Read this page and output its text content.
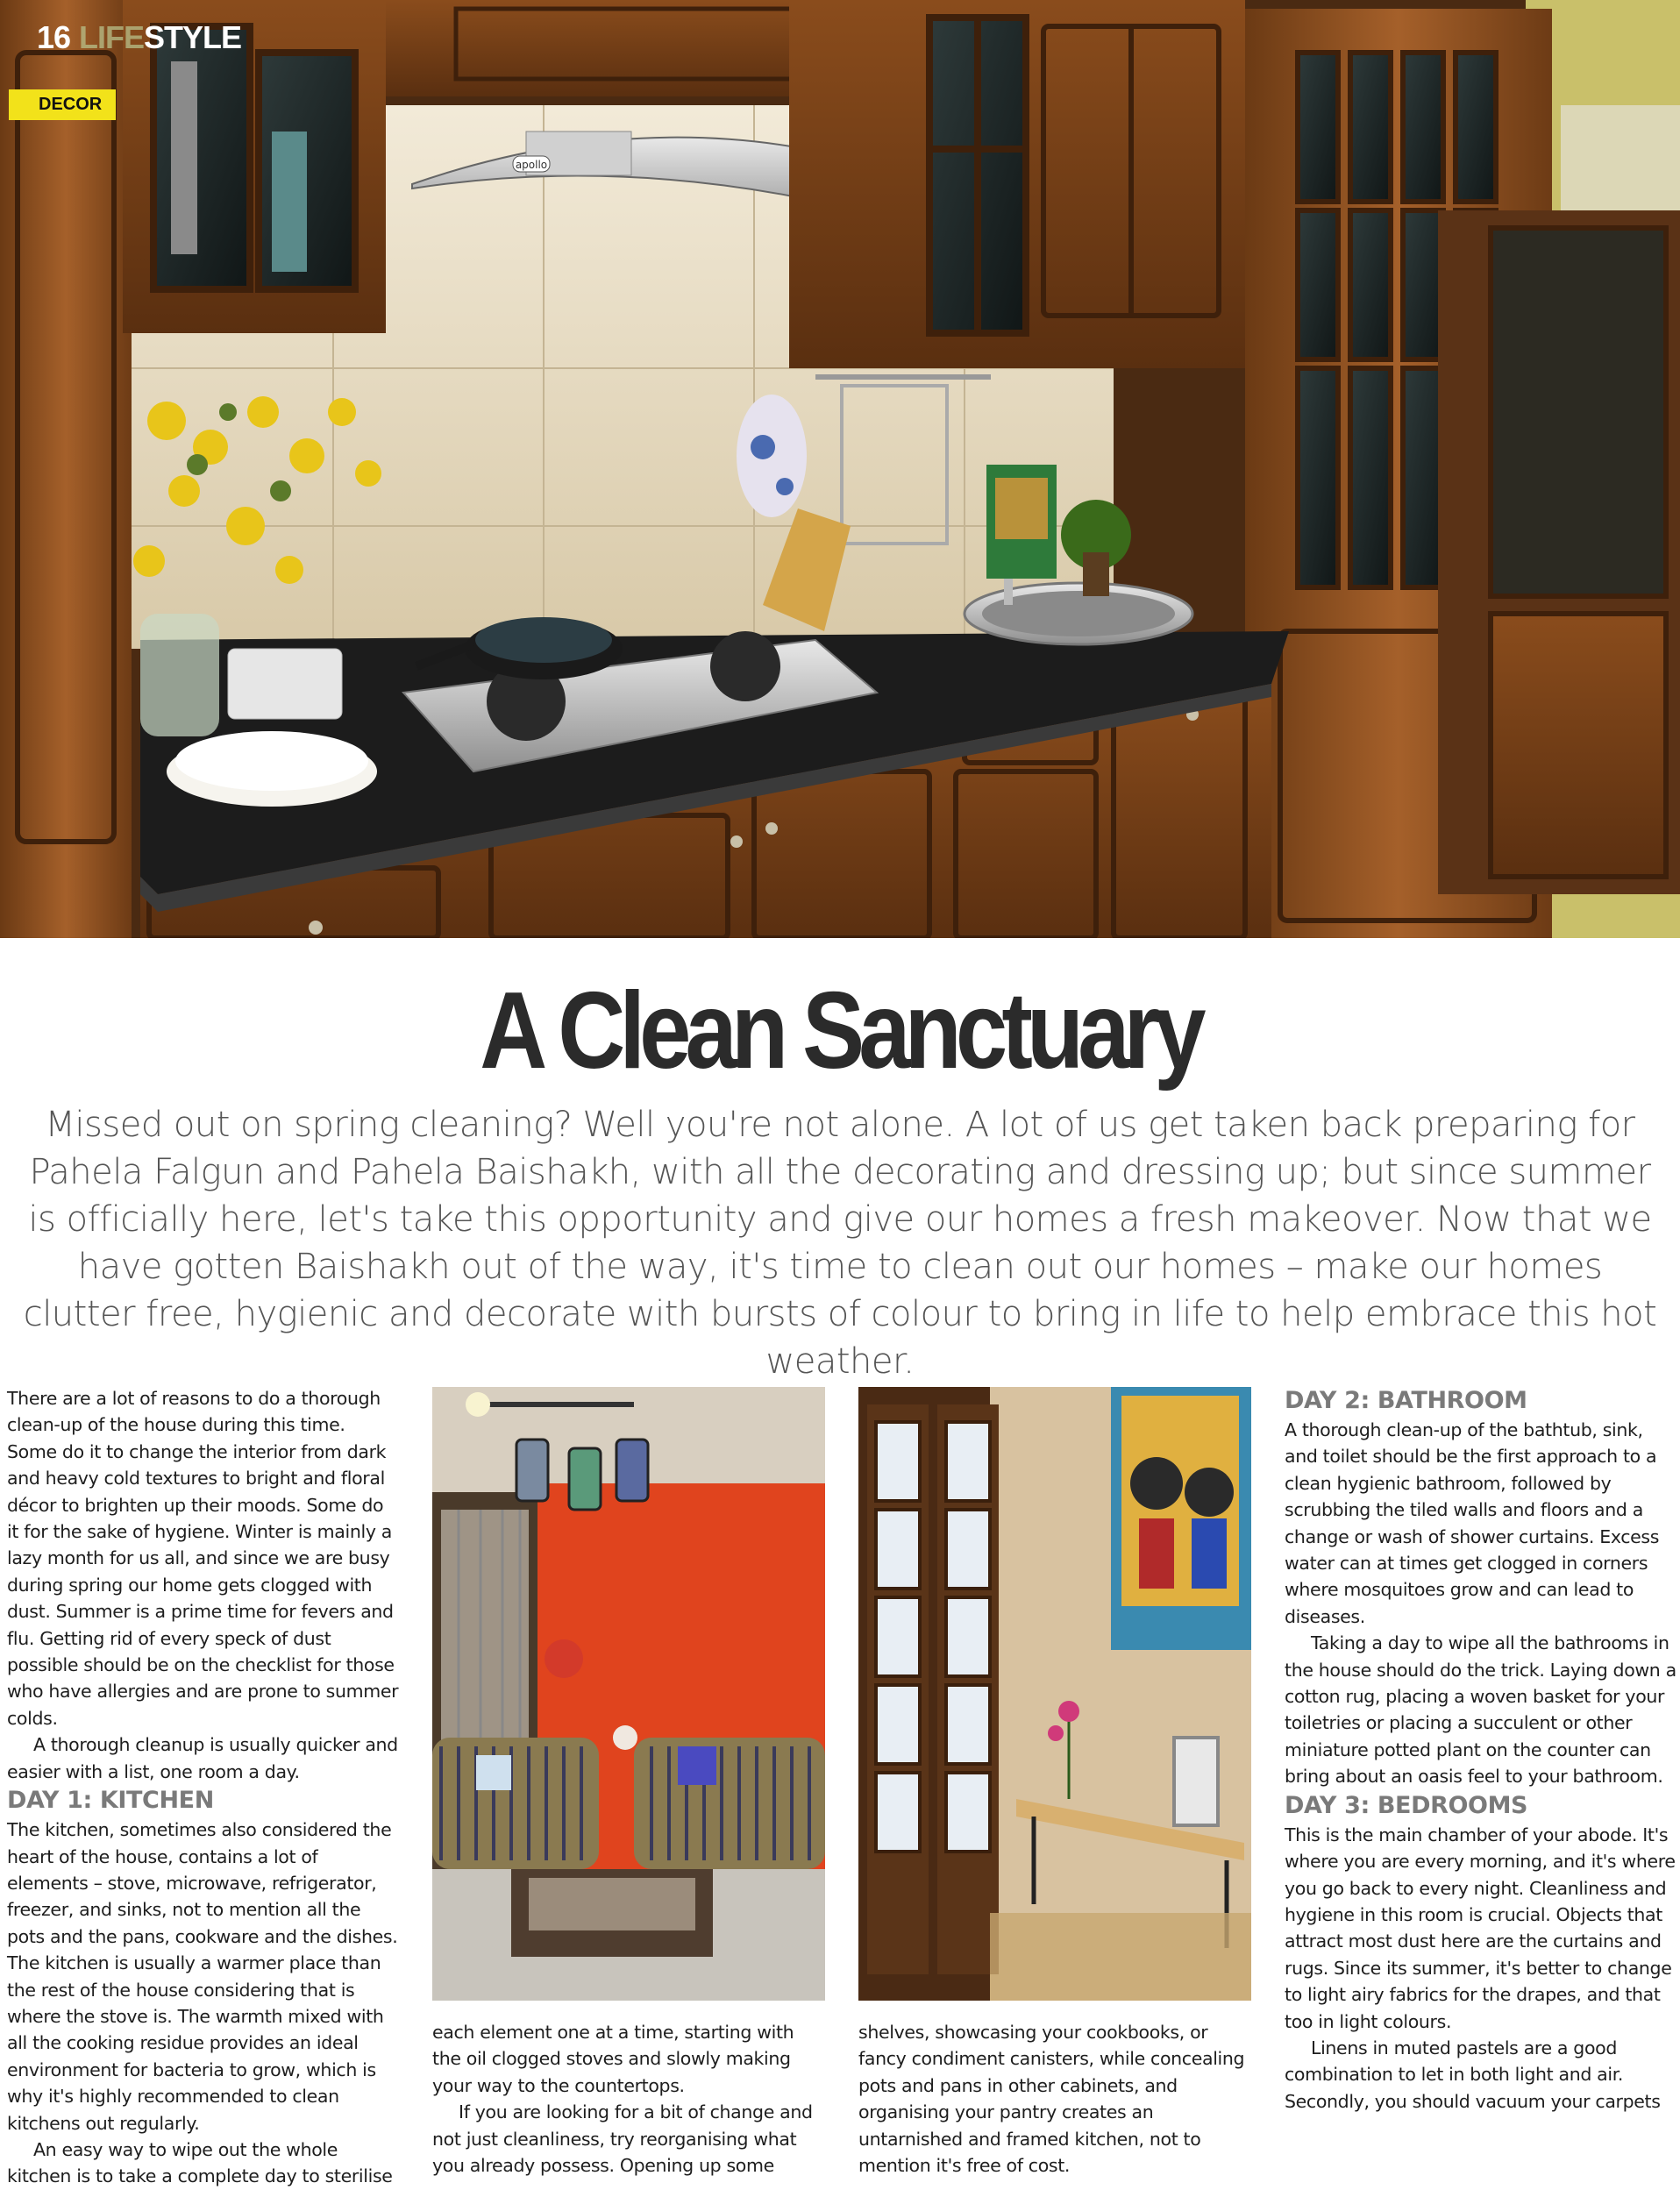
apollo
16 LIFESTYLE
DECOR
A Clean Sanctuary
Missed out on spring cleaning? Well you're not alone. A lot of us get taken back preparing for Pahela Falgun and Pahela Baishakh, with all the decorating and dressing up; but since summer is officially here, let's take this opportunity and give our homes a fresh makeover. Now that we have gotten Baishakh out of the way, it's time to clean out our homes – make our homes clutter free, hygienic and decorate with bursts of colour to bring in life to help embrace this hot weather.

There are a lot of reasons to do a thorough clean-up of the house during this time. Some do it to change the interior from dark and heavy cold textures to bright and floral décor to brighten up their moods. Some do it for the sake of hygiene. Winter is mainly a lazy month for us all, and since we are busy during spring our home gets clogged with dust. Summer is a prime time for fevers and flu. Getting rid of every speck of dust possible should be on the checklist for those who have allergies and are prone to summer colds.

A thorough cleanup is usually quicker and easier with a list, one room a day.

DAY 1: KITCHEN

The kitchen, sometimes also considered the heart of the house, contains a lot of elements – stove, microwave, refrigerator, freezer, and sinks, not to mention all the pots and the pans, cookware and the dishes. The kitchen is usually a warmer place than the rest of the house considering that is where the stove is. The warmth mixed with all the cooking residue provides an ideal environment for bacteria to grow, which is why it's highly recommended to clean kitchens out regularly.

An easy way to wipe out the whole kitchen is to take a complete day to sterilise

each element one at a time, starting with the oil clogged stoves and slowly making your way to the countertops.

If you are looking for a bit of change and not just cleanliness, try reorganising what you already possess. Opening up some

shelves, showcasing your cookbooks, or fancy condiment canisters, while concealing pots and pans in other cabinets, and organising your pantry creates an untarnished and framed kitchen, not to mention it's free of cost.

DAY 2: BATHROOM

A thorough clean-up of the bathtub, sink, and toilet should be the first approach to a clean hygienic bathroom, followed by scrubbing the tiled walls and floors and a change or wash of shower curtains. Excess water can at times get clogged in corners where mosquitoes grow and can lead to diseases.

Taking a day to wipe all the bathrooms in the house should do the trick. Laying down a cotton rug, placing a woven basket for your toiletries or placing a succulent or other miniature potted plant on the counter can bring about an oasis feel to your bathroom.

DAY 3: BEDROOMS

This is the main chamber of your abode. It's where you are every morning, and it's where you go back to every night. Cleanliness and hygiene in this room is crucial. Objects that attract most dust here are the curtains and rugs. Since its summer, it's better to change to light airy fabrics for the drapes, and that too in light colours.

Linens in muted pastels are a good combination to let in both light and air. Secondly, you should vacuum your carpets
